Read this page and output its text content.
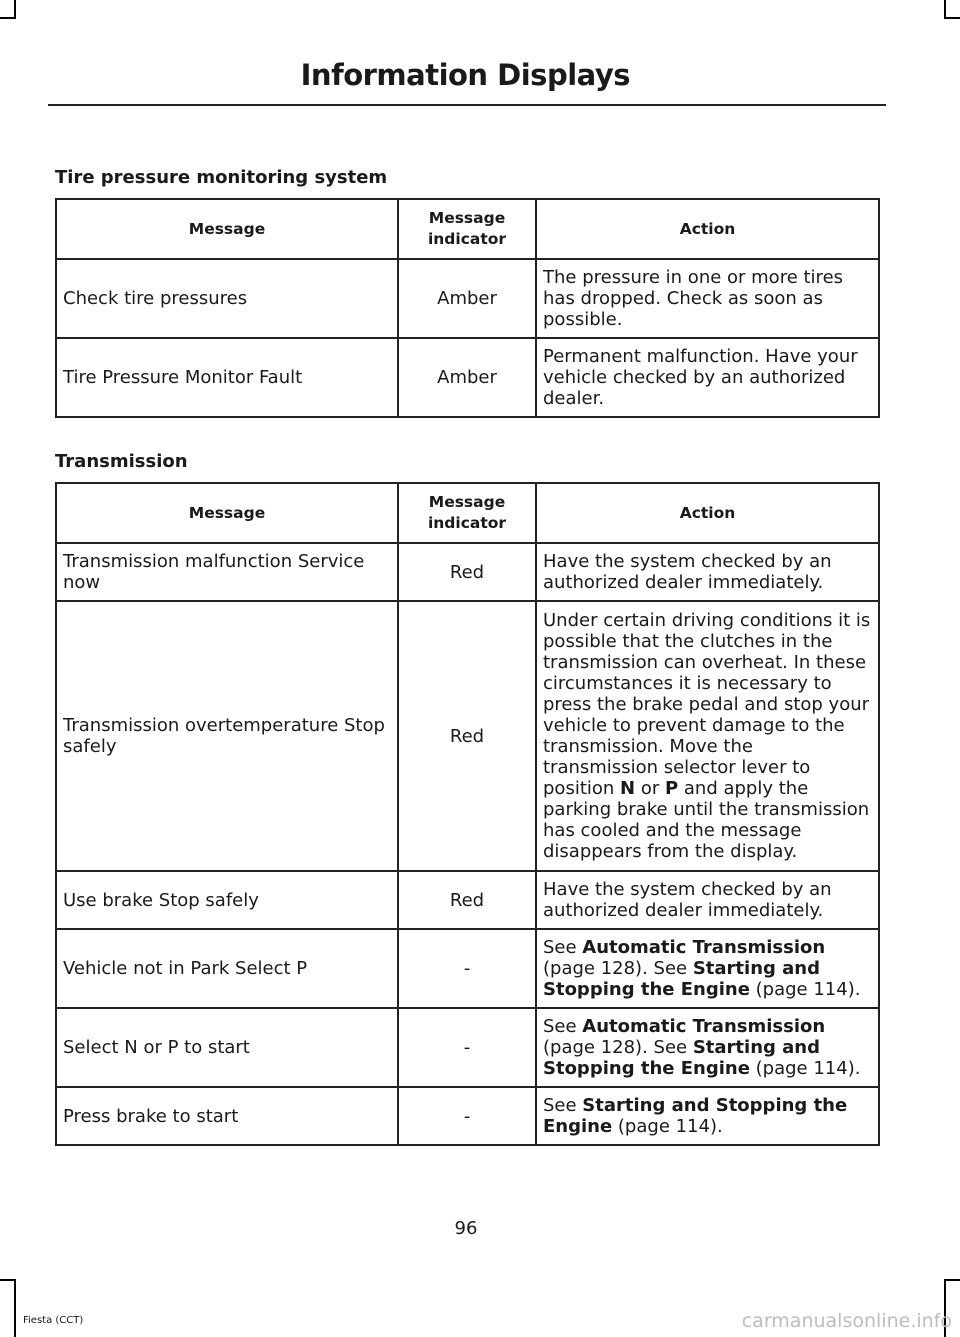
Information Displays
Tire pressure monitoring system
Message	Message indicator	Action
Check tire pressures	Amber	The pressure in one or more tires has dropped. Check as soon as possible.
Tire Pressure Monitor Fault	Amber	Permanent malfunction. Have your vehicle checked by an authorized dealer.
Transmission
Message	Message indicator	Action
Transmission malfunction Service now	Red	Have the system checked by an authorized dealer immediately.
Transmission overtemperature Stop safely	Red	Under certain driving conditions it is possible that the clutches in the transmission can overheat. In these circumstances it is necessary to press the brake pedal and stop your vehicle to prevent damage to the transmission. Move the transmission selector lever to position N or P and apply the parking brake until the transmission has cooled and the message disappears from the display.
Use brake Stop safely	Red	Have the system checked by an authorized dealer immediately.
Vehicle not in Park Select P	-	See Automatic Transmission (page 128). See Starting and Stopping the Engine (page 114).
Select N or P to start	-	See Automatic Transmission (page 128). See Starting and Stopping the Engine (page 114).
Press brake to start	-	See Starting and Stopping the Engine (page 114).
96
Fiesta (CCT)	carmanualsonline.info
